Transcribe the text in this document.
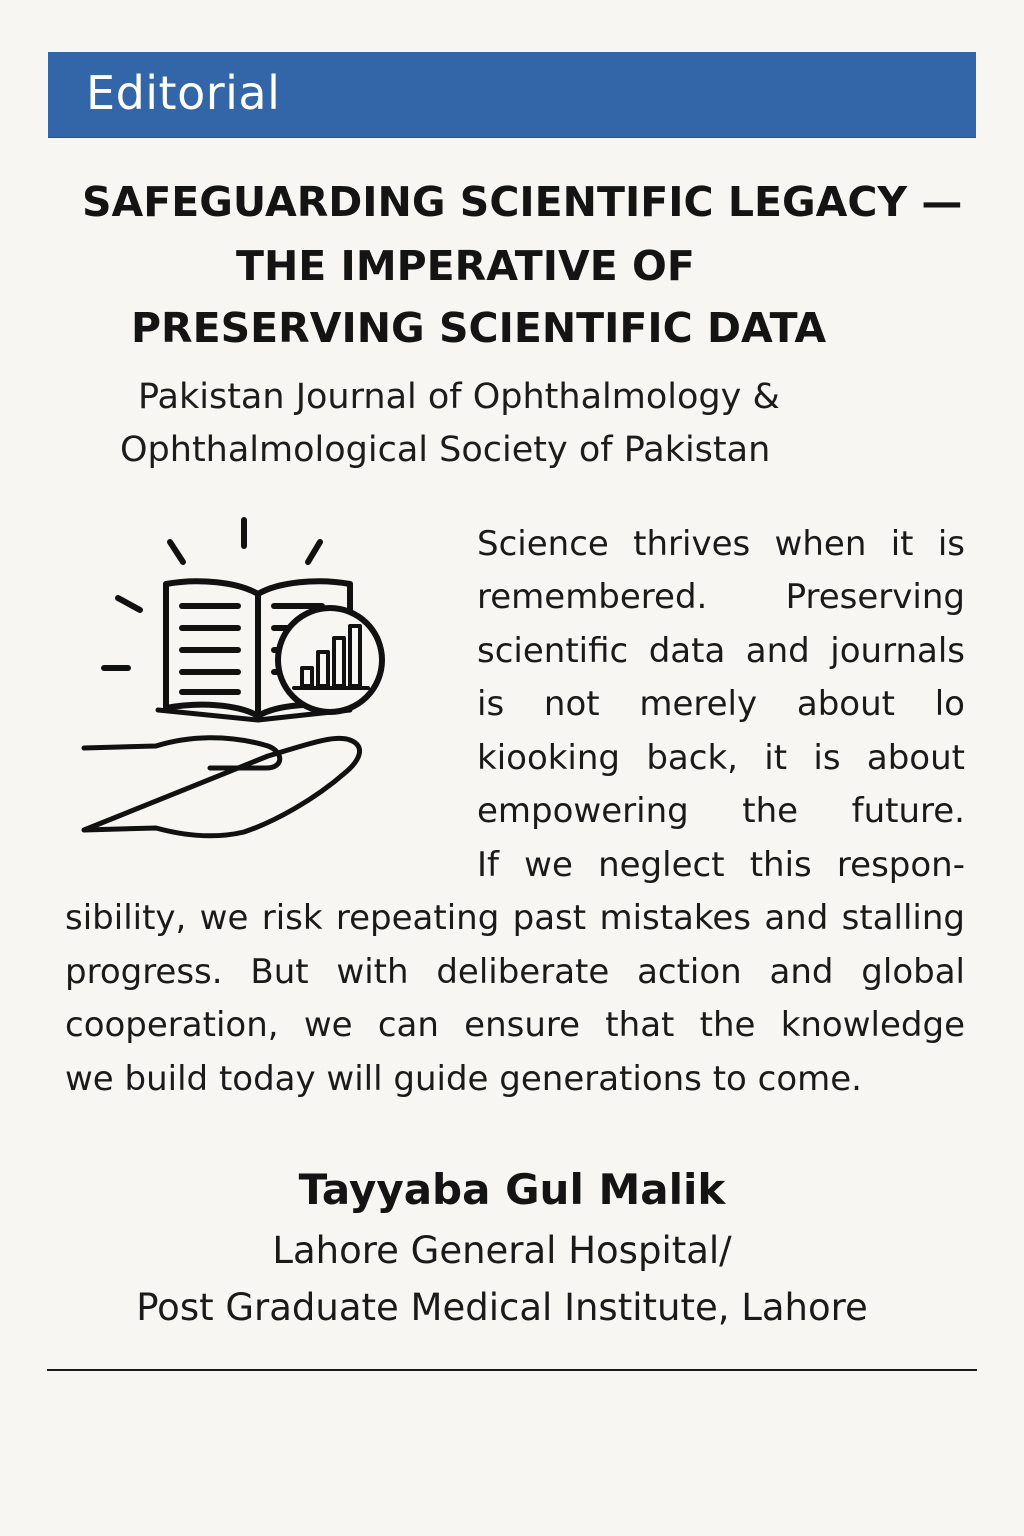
Editorial
SAFEGUARDING SCIENTIFIC LEGACY —
THE IMPERATIVE OF
PRESERVING SCIENTIFIC DATA
Pakistan Journal of Ophthalmology &
Ophthalmological Society of Pakistan
Science thrives when it is
remembered. Preserving
scientific data and journals
is not merely about lo
kiooking back, it is about
empowering the future.
If we neglect this respon-
sibility, we risk repeating past mistakes and stalling
progress. But with deliberate action and global
cooperation, we can ensure that the knowledge
we build today will guide generations to come.
Tayyaba Gul Malik
Lahore General Hospital/
Post Graduate Medical Institute, Lahore
